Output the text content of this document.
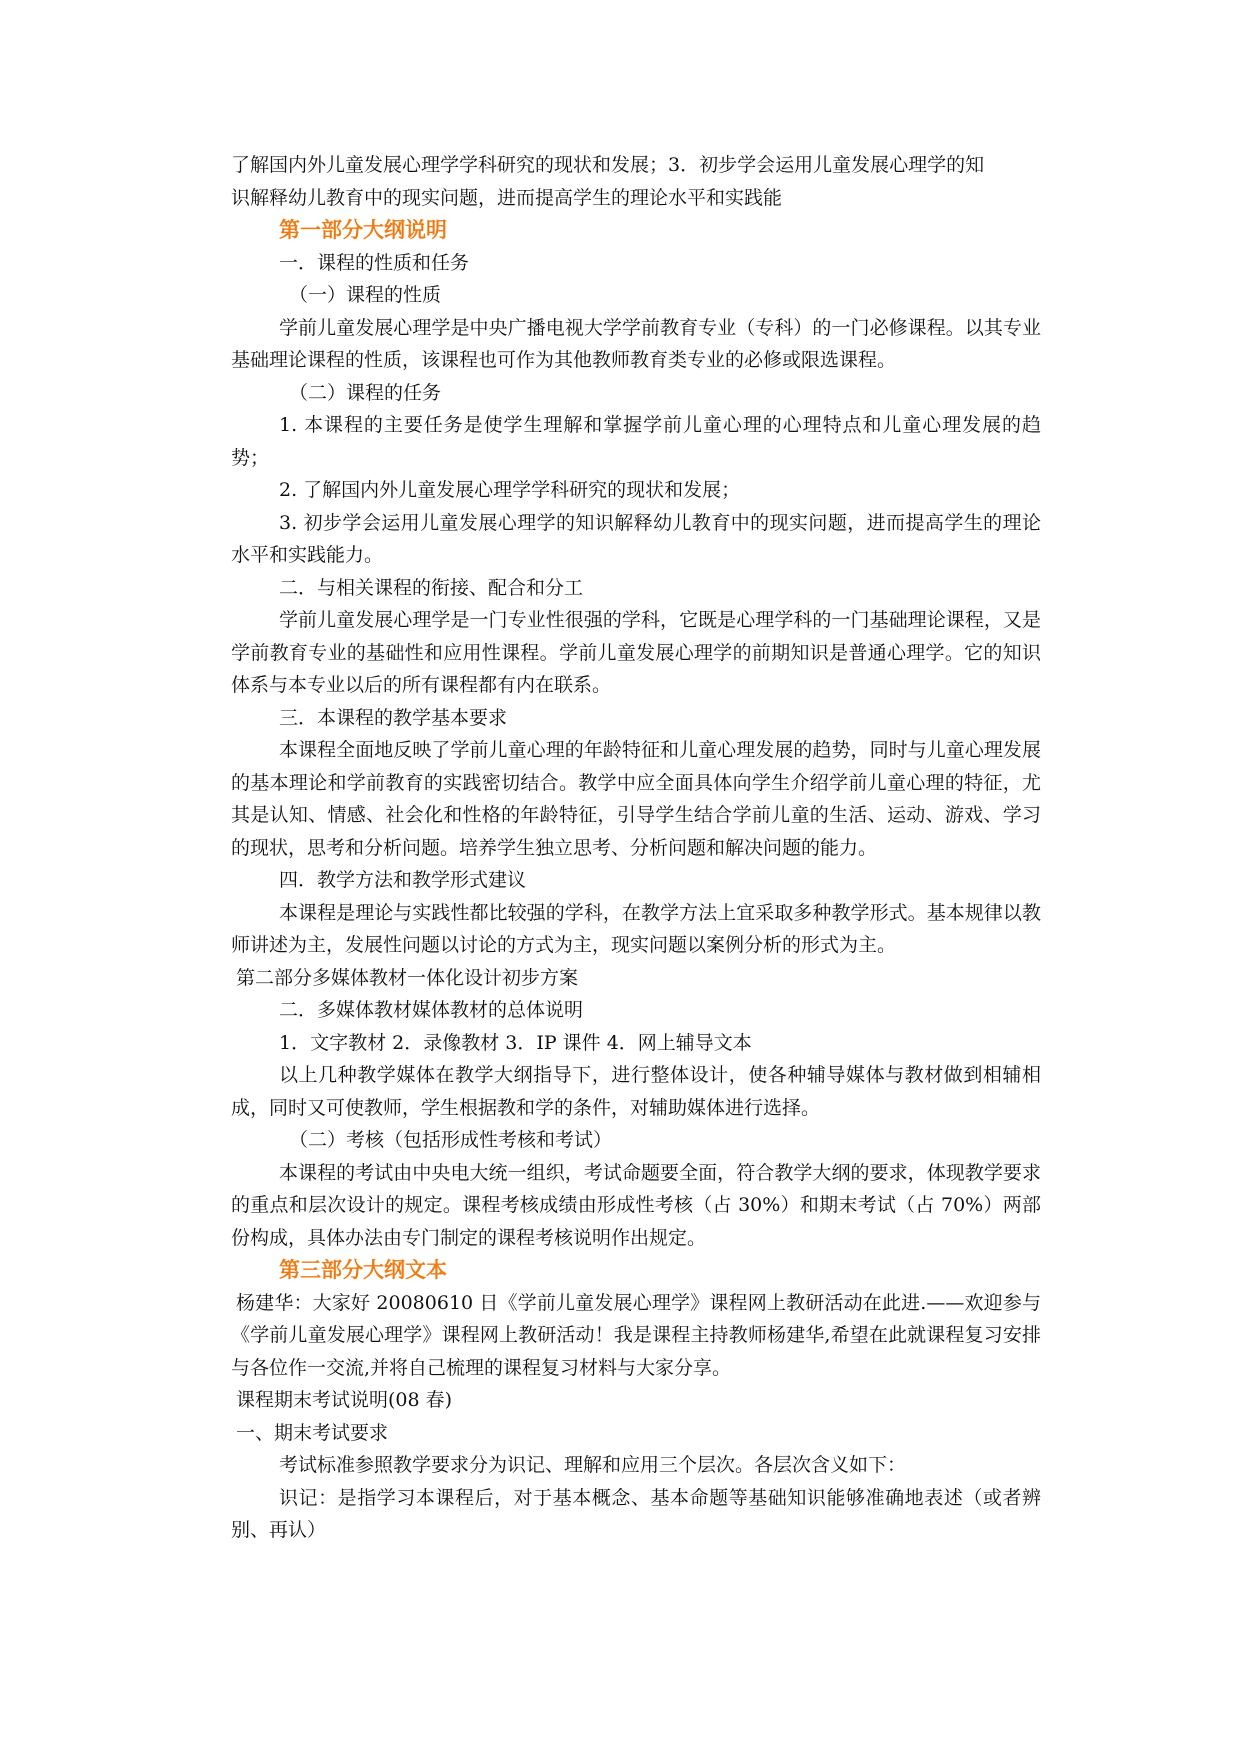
了解国内外儿童发展心理学学科研究的现状和发展；3．初步学会运用儿童发展心理学的知
识解释幼儿教育中的现实问题，进而提高学生的理论水平和实践能

第一部分大纲说明

一．课程的性质和任务

（一）课程的性质

学前儿童发展心理学是中央广播电视大学学前教育专业（专科）的一门必修课程。以其专业基础理论课程的性质，该课程也可作为其他教师教育类专业的必修或限选课程。

（二）课程的任务

1. 本课程的主要任务是使学生理解和掌握学前儿童心理的心理特点和儿童心理发展的趋势；

2. 了解国内外儿童发展心理学学科研究的现状和发展；

3. 初步学会运用儿童发展心理学的知识解释幼儿教育中的现实问题，进而提高学生的理论水平和实践能力。

二．与相关课程的衔接、配合和分工

学前儿童发展心理学是一门专业性很强的学科，它既是心理学科的一门基础理论课程，又是学前教育专业的基础性和应用性课程。学前儿童发展心理学的前期知识是普通心理学。它的知识体系与本专业以后的所有课程都有内在联系。

三．本课程的教学基本要求

本课程全面地反映了学前儿童心理的年龄特征和儿童心理发展的趋势，同时与儿童心理发展的基本理论和学前教育的实践密切结合。教学中应全面具体向学生介绍学前儿童心理的特征，尤其是认知、情感、社会化和性格的年龄特征，引导学生结合学前儿童的生活、运动、游戏、学习的现状，思考和分析问题。培养学生独立思考、分析问题和解决问题的能力。

四．教学方法和教学形式建议

本课程是理论与实践性都比较强的学科，在教学方法上宜采取多种教学形式。基本规律以教师讲述为主，发展性问题以讨论的方式为主，现实问题以案例分析的形式为主。

第二部分多媒体教材一体化设计初步方案

二．多媒体教材媒体教材的总体说明

1．文字教材 2．录像教材 3．IP 课件 4．网上辅导文本

以上几种教学媒体在教学大纲指导下，进行整体设计，使各种辅导媒体与教材做到相辅相成，同时又可使教师，学生根据教和学的条件，对辅助媒体进行选择。

（二）考核（包括形成性考核和考试）

本课程的考试由中央电大统一组织，考试命题要全面，符合教学大纲的要求，体现教学要求的重点和层次设计的规定。课程考核成绩由形成性考核（占 30%）和期末考试（占 70%）两部份构成，具体办法由专门制定的课程考核说明作出规定。

第三部分大纲文本

杨建华：大家好 20080610 日《学前儿童发展心理学》课程网上教研活动在此进.——欢迎参与《学前儿童发展心理学》课程网上教研活动！我是课程主持教师杨建华,希望在此就课程复习安排与各位作一交流,并将自己梳理的课程复习材料与大家分享。

课程期末考试说明(08 春)

一、期末考试要求

考试标准参照教学要求分为识记、理解和应用三个层次。各层次含义如下：

识记：是指学习本课程后，对于基本概念、基本命题等基础知识能够准确地表述（或者辨别、再认）
